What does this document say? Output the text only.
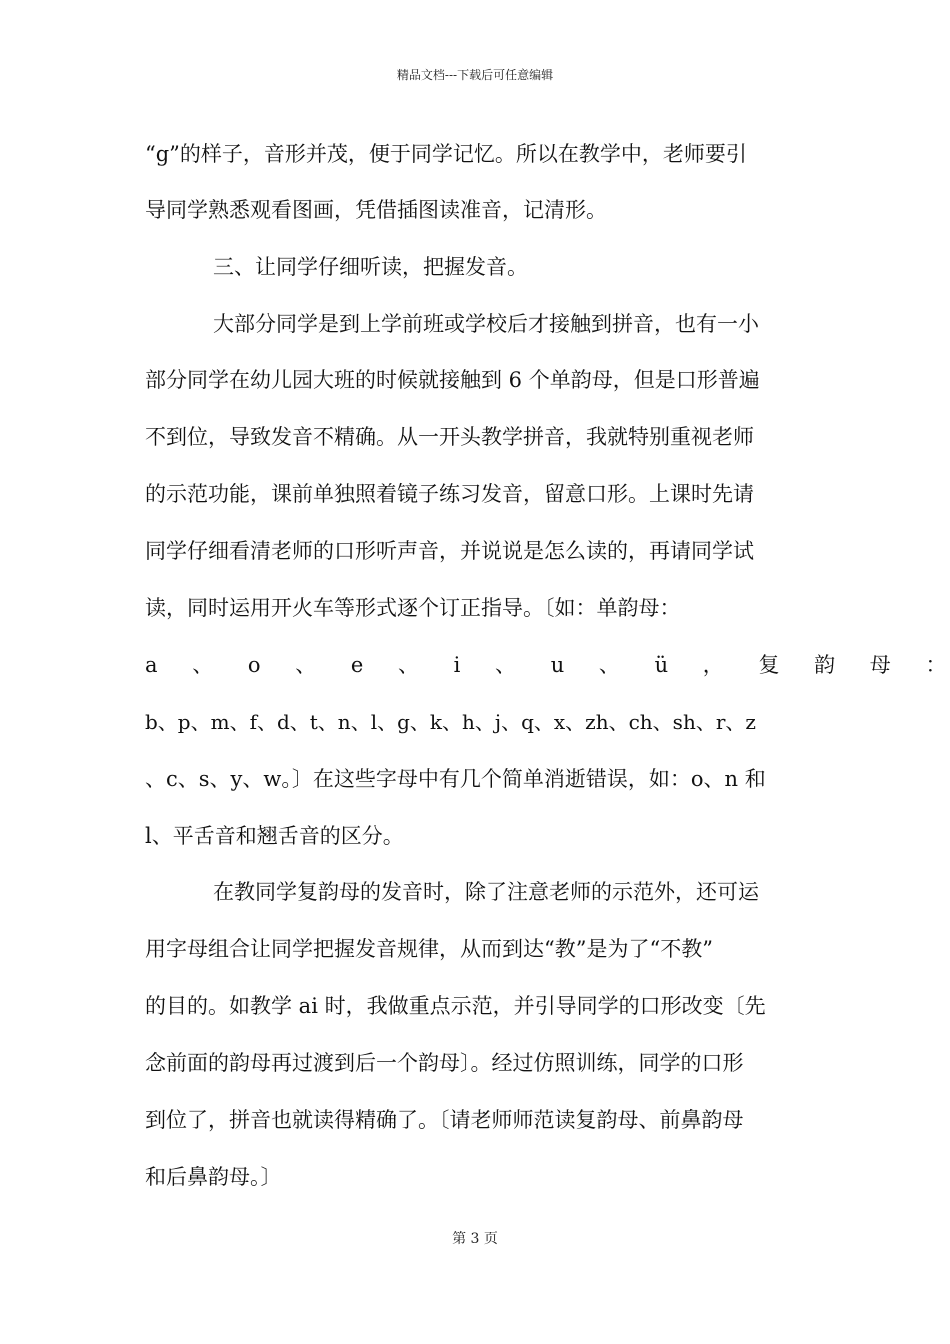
精品文档---下载后可任意编辑
“g”的样子，音形并茂，便于同学记忆。所以在教学中，老师要引
导同学熟悉观看图画，凭借插图读准音，记清形。
三、让同学仔细听读，把握发音。
大部分同学是到上学前班或学校后才接触到拼音，也有一小
部分同学在幼儿园大班的时候就接触到 6 个单韵母，但是口形普遍
不到位，导致发音不精确。从一开头教学拼音，我就特别重视老师
的示范功能，课前单独照着镜子练习发音，留意口形。上课时先请
同学仔细看清老师的口形听声音，并说说是怎么读的，再请同学试
读，同时运用开火车等形式逐个订正指导。〔如：单韵母：
a 、 o 、 e 、 i 、 u 、 ü ， 复 韵 母 ：
b、p、m、f、d、t、n、l、g、k、h、j、q、x、zh、ch、sh、r、z
、c、s、y、w。〕在这些字母中有几个简单消逝错误，如：o、n 和
l、平舌音和翘舌音的区分。
在教同学复韵母的发音时，除了注意老师的示范外，还可运
用字母组合让同学把握发音规律，从而到达“教”是为了“不教”
的目的。如教学 ai 时，我做重点示范，并引导同学的口形改变〔先
念前面的韵母再过渡到后一个韵母〕。经过仿照训练，同学的口形
到位了，拼音也就读得精确了。〔请老师师范读复韵母、前鼻韵母
和后鼻韵母。〕
第 3 页
